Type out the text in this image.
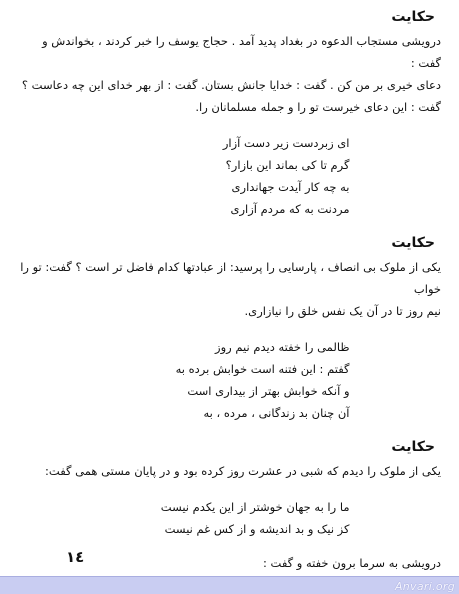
حکایت
درویشی مستجاب الدعوه در بغداد پدید آمد . حجاج یوسف را خبر کردند ، بخواندش و گفت :
دعای خیری بر من کن . گفت : خدایا جانش بستان. گفت : از بهر خدای این چه دعاست ؟
گفت : این دعای خیرست تو را و جمله مسلمانان را.
ای زبردست زیر دست آزار
گرم تا کی بماند این بازار؟
به چه کار آیدت جهانداری
مردنت به که مردم آزاری
حکایت
یکی از ملوک بی انصاف ، پارسایی را پرسید: از عبادتها کدام فاضل تر است ؟ گفت: تو را خواب
نیم روز تا در آن یک نفس خلق را نیازاری.
ظالمی را خفته دیدم نیم روز
گفتم : این فتنه است خوابش برده به
و آنکه خوابش بهتر از بیداری است
آن چنان بد زندگانی ، مرده ، به
حکایت
یکی از ملوک را دیدم که شبی در عشرت روز کرده بود و در پایان مستی همی گفت:
ما را به جهان خوشتر از این یکدم نیست
کز نیک و بد اندیشه و از کس غم نیست
درویشی به سرما برون خفته و گفت :
١٤
Anvari.org
